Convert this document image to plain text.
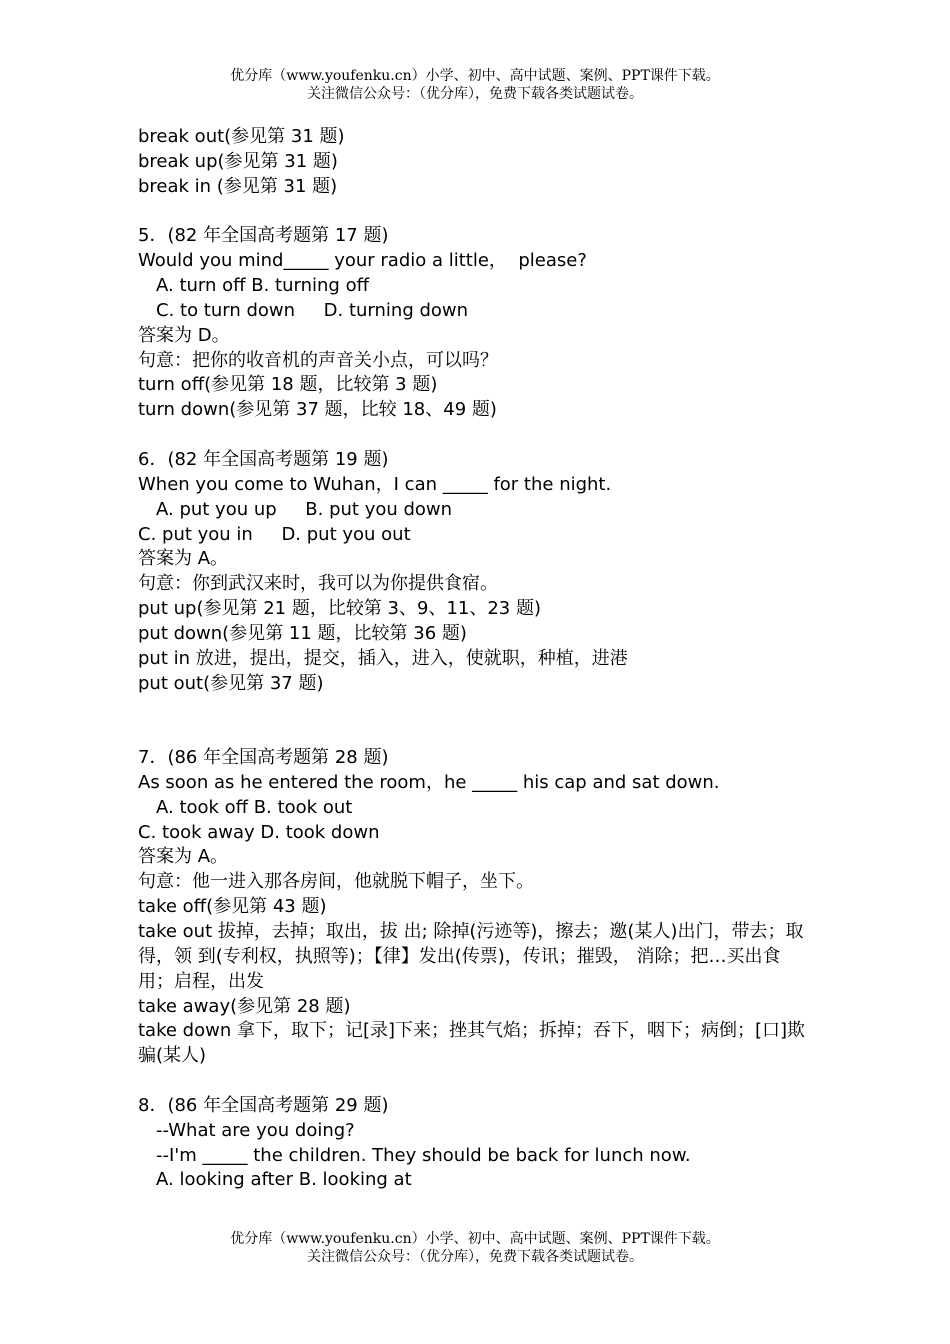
优分库（www.youfenku.cn）小学、初中、高中试题、案例、PPT课件下载。
关注微信公众号：（优分库），免费下载各类试题试卷。
break out(参见第 31 题)
break up(参见第 31 题)
break in (参见第 31 题)
5．(82 年全国高考题第 17 题)
Would you mind_____ your radio a little，  please?
A. turn off B. turning off
C. to turn down     D. turning down
答案为 D。
句意：把你的收音机的声音关小点，可以吗？
turn off(参见第 18 题，比较第 3 题)
turn down(参见第 37 题，比较 18、49 题)
6．(82 年全国高考题第 19 题)
When you come to Wuhan，I can _____ for the night.
A. put you up     B. put you down
C. put you in     D. put you out
答案为 A。
句意：你到武汉来时，我可以为你提供食宿。
put up(参见第 21 题，比较第 3、9、11、23 题)
put down(参见第 11 题，比较第 36 题)
put in 放进，提出，提交，插入，进入，使就职，种植，进港
put out(参见第 37 题)
7．(86 年全国高考题第 28 题)
As soon as he entered the room，he _____ his cap and sat down.
A. took off B. took out
C. took away D. took down
答案为 A。
句意：他一进入那各房间，他就脱下帽子，坐下。
take off(参见第 43 题)
take out 拔掉，去掉；取出，拔 出; 除掉(污迹等)，擦去；邀(某人)出门，带去；取得，领 到(专利权，执照等)；【律】发出(传票)，传讯；摧毁， 消除；把…买出食用；启程，出发
take away(参见第 28 题)
take down 拿下，取下；记[录]下来；挫其气焰；拆掉；吞下，咽下；病倒；[口]欺骗(某人)
8．(86 年全国高考题第 29 题)
--What are you doing?
--I'm _____ the children. They should be back for lunch now.
A. looking after B. looking at
优分库（www.youfenku.cn）小学、初中、高中试题、案例、PPT课件下载。
关注微信公众号：（优分库），免费下载各类试题试卷。
